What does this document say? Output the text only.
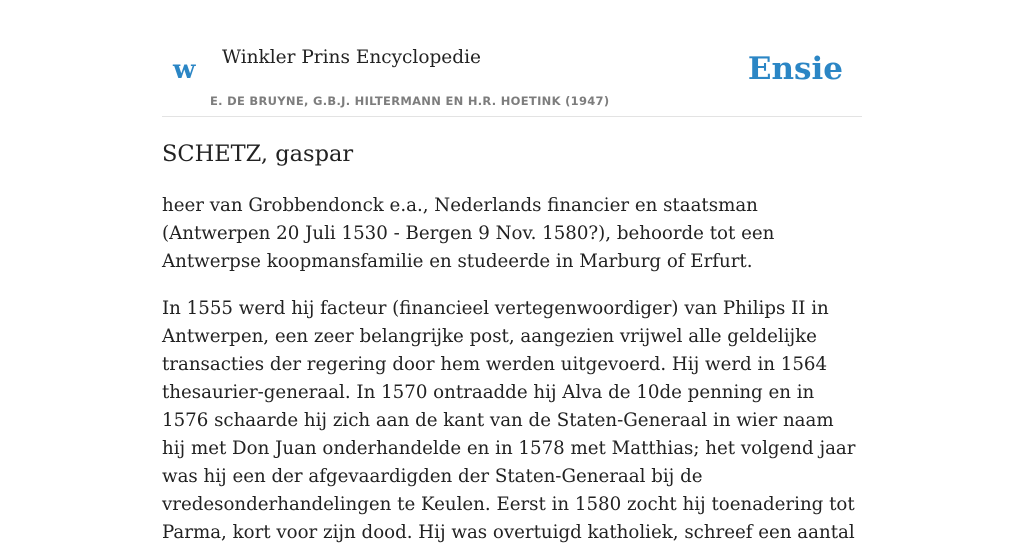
w Winkler Prins Encyclopedie
E. DE BRUYNE, G.B.J. HILTERMANN EN H.R. HOETINK (1947)
Ensie
SCHETZ, gaspar

heer van Grobbendonck e.a., Nederlands financier en staatsman (Antwerpen 20 Juli 1530 - Bergen 9 Nov. 1580?), behoorde tot een Antwerpse koopmansfamilie en studeerde in Marburg of Erfurt.

In 1555 werd hij facteur (financieel vertegenwoordiger) van Philips II in Antwerpen, een zeer belangrijke post, aangezien vrijwel alle geldelijke transacties der regering door hem werden uitgevoerd. Hij werd in 1564 thesaurier-generaal. In 1570 ontraadde hij Alva de 10de penning en in 1576 schaarde hij zich aan de kant van de Staten-Generaal in wier naam hij met Don Juan onderhandelde en in 1578 met Matthias; het volgend jaar was hij een der afgevaardigden der Staten-Generaal bij de vredesonderhandelingen te Keulen. Eerst in 1580 zocht hij toenadering tot Parma, kort voor zijn dood. Hij was overtuigd katholiek, schreef een aantal
